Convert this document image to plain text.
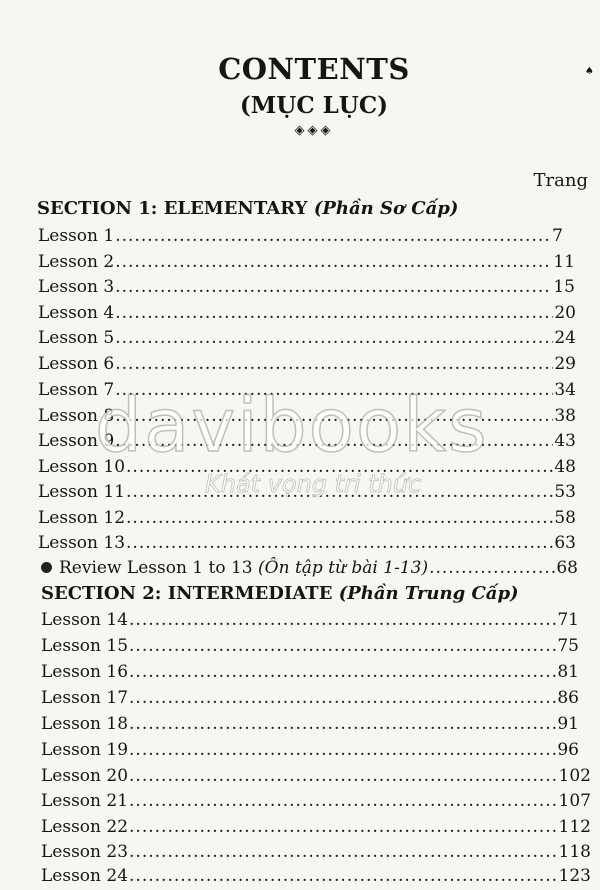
♠
CONTENTS
(MỤC LỤC)
◈◈◈
Trang
SECTION 1: ELEMENTARY (Phần Sơ Cấp)
Lesson 1 .....	7
Lesson 2 .....	11
Lesson 3 .....	15
Lesson 4 .....	20
Lesson 5 .....	24
Lesson 6 .....	29
Lesson 7 .....	34
Lesson 8 .....	38
Lesson 9 .....	43
Lesson 10 .....	48
Lesson 11 .....	53
Lesson 12 .....	58
Lesson 13 .....	63
Review Lesson 1 to 13 (Ôn tập từ bài 1-13) .....	68
SECTION 2: INTERMEDIATE (Phần Trung Cấp)
Lesson 14 .....	71
Lesson 15 .....	75
Lesson 16 .....	81
Lesson 17 .....	86
Lesson 18 .....	91
Lesson 19 .....	96
Lesson 20 .....	102
Lesson 21 .....	107
Lesson 22 .....	112
Lesson 23 .....	118
Lesson 24 .....	123
davibooks
Khát vọng tri thức
